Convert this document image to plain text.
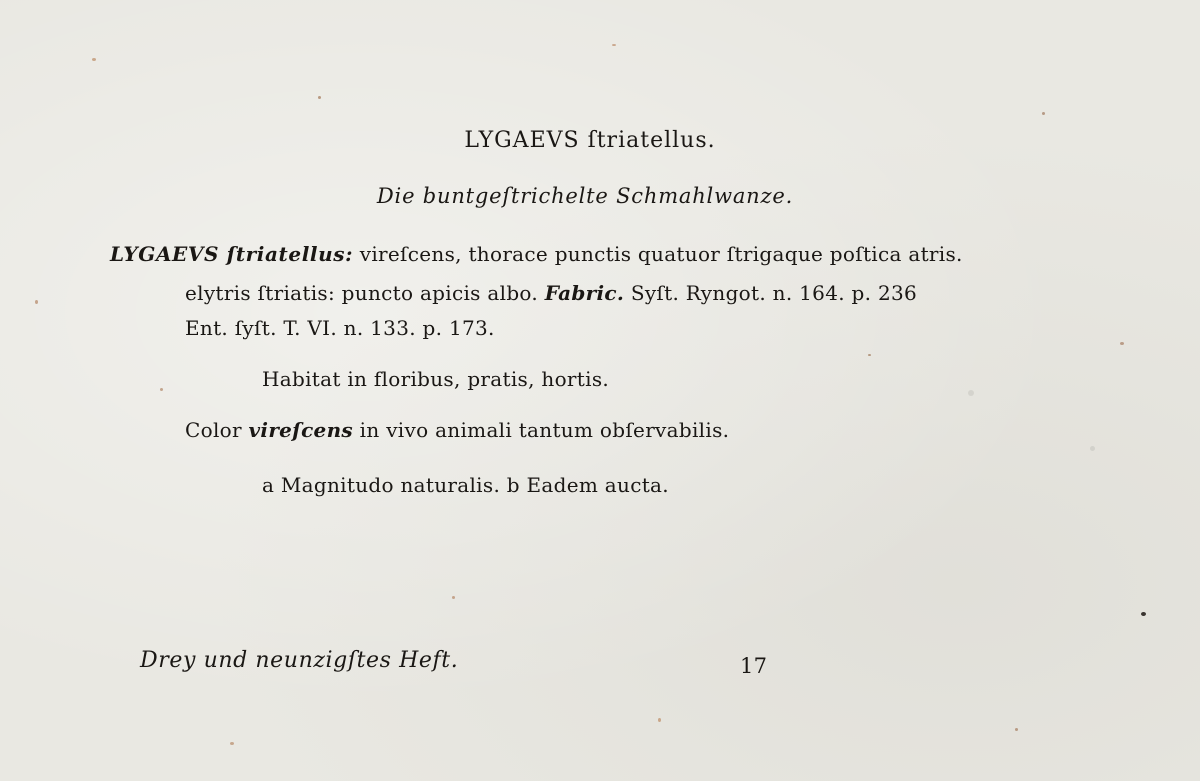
LYGAEVS ſtriatellus.
Die buntgeſtrichelte Schmahlwanze.
LYGAEVS ſtriatellus: vireſcens, thorace punctis quatuor ſtrigaque poſtica atris.
elytris ſtriatis: puncto apicis albo. Fabric. Syſt. Ryngot. n. 164. p. 236
Ent. ſyſt. T. VI. n. 133. p. 173.
Habitat in floribus, pratis, hortis.
Color vireſcens in vivo animali tantum obſervabilis.
a Magnitudo naturalis. b Eadem aucta.
Drey und neunzigſtes Heft.	17
